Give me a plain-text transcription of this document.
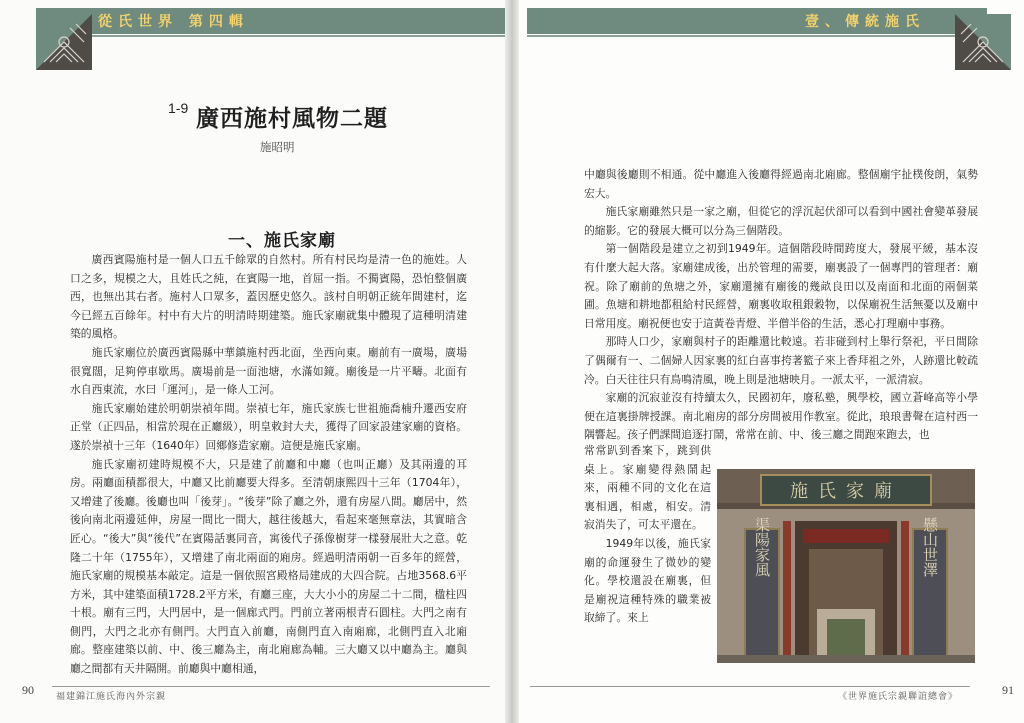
從氏世界 第四輯
1-9 廣西施村風物二題
施昭明
一、施氏家廟

廣西賓陽施村是一個人口五千餘眾的自然村。所有村民均是清一色的施姓。人口之多，規模之大，且姓氏之純，在賓陽一地，首屈一指。不獨賓陽，恐怕整個廣西，也無出其右者。施村人口眾多，蓋因歷史悠久。該村自明朝正統年間建村，迄今已經五百餘年。村中有大片的明清時期建築。施氏家廟就集中體現了這種明清建築的風格。

施氏家廟位於廣西賓陽縣中華鎮施村西北面，坐西向東。廟前有一廣場，廣場很寬闊，足夠停車歇馬。廣場前是一面池塘，水滿如鏡。廟後是一片平疇。北面有水自西東流，水曰「運河」，是一條人工河。

施氏家廟始建於明朝崇禎年間。崇禎七年，施氏家族七世祖施喬楠升遷西安府正堂（正四品，相當於現在正廳級），明皇敕封大夫，獲得了回家設建家廟的資格。遂於崇禎十三年（1640年）回鄉修造家廟。這便是施氏家廟。

施氏家廟初建時規模不大，只是建了前廳和中廳（也叫正廳）及其兩邊的耳房。兩廳面積都很大，中廳又比前廳要大得多。至清朝康熙四十三年（1704年），又增建了後廳。後廳也叫「後芽」。“後芽”除了廳之外，還有房屋八間。廳居中，然後向南北兩邊延伸，房屋一間比一間大，越往後越大，看起來毫無章法，其實暗含匠心。“後大”與“後代”在賓陽話裏同音，寓後代子孫像樹芽一樣發展壯大之意。乾隆二十年（1755年），又增建了南北兩面的廂房。經過明清兩朝一百多年的經營，施氏家廟的規模基本敲定。這是一個依照宮殿格局建成的大四合院。占地3568.6平方米，其中建築面積1728.2平方米，有廳三座，大大小小的房屋二十二間，楹柱四十根。廟有三門，大門居中，是一個廊式門。門前立著兩根青石圓柱。大門之南有側門，大門之北亦有側門。大門直入前廳，南側門直入南廂廊，北側門直入北廂廊。整座建築以前、中、後三廳為主，南北廂廊為輔。三大廳又以中廳為主。廳與廳之間都有天井隔開。前廳與中廳相通，

90 福建錦江施氏海內外宗親
壹、傳統施氏

中廳與後廳則不相通。從中廳進入後廳得經過南北廂廊。整個廟宇扯樸俊朗，氣勢宏大。

施氏家廟雖然只是一家之廟，但從它的浮沉起伏卻可以看到中國社會變革發展的縮影。它的發展大概可以分為三個階段。

第一個階段是建立之初到1949年。這個階段時間跨度大，發展平緩，基本沒有什麼大起大落。家廟建成後，出於管理的需要，廟裏設了一個專門的管理者：廟祝。除了廟前的魚塘之外，家廟還擁有廟後的幾畝良田以及南面和北面的兩個菜圃。魚塘和耕地都租給村民經營，廟裏收取租銀穀物，以保廟祝生活無憂以及廟中日常用度。廟祝便也安于這黃卷青燈、半僧半俗的生活，悉心打理廟中事務。

那時人口少，家廟與村子的距離還比較遠。若非碰到村上舉行祭祀，平日間除了偶爾有一、二個婦人因家裏的紅白喜事挎著籃子來上香拜祖之外，人跡還比較疏冷。白天往往只有鳥鳴清風，晚上則是池塘映月。一派太平，一派清寂。

家廟的沉寂並沒有持續太久，民國初年，廢私塾，興學校，國立蒼峰高等小學便在這裏掛牌授課。南北廂房的部分房間被用作教室。從此，琅琅書聲在這村西一隅響起。孩子們課間追逐打鬧，常常在前、中、後三廳之間跑來跑去，也

常常趴到香案下，跳到供桌上。家廟變得熱鬧起來，兩種不同的文化在這裏相遇，相處，相安。清寂消失了，可太平還在。

1949年以後，施氏家廟的命運發生了微妙的變化。學校還設在廟裏，但是廟祝這種特殊的職業被取締了。來上

施氏家廟
渠陽家風	懸山世澤
《世界施氏宗親聯誼總會》	91
